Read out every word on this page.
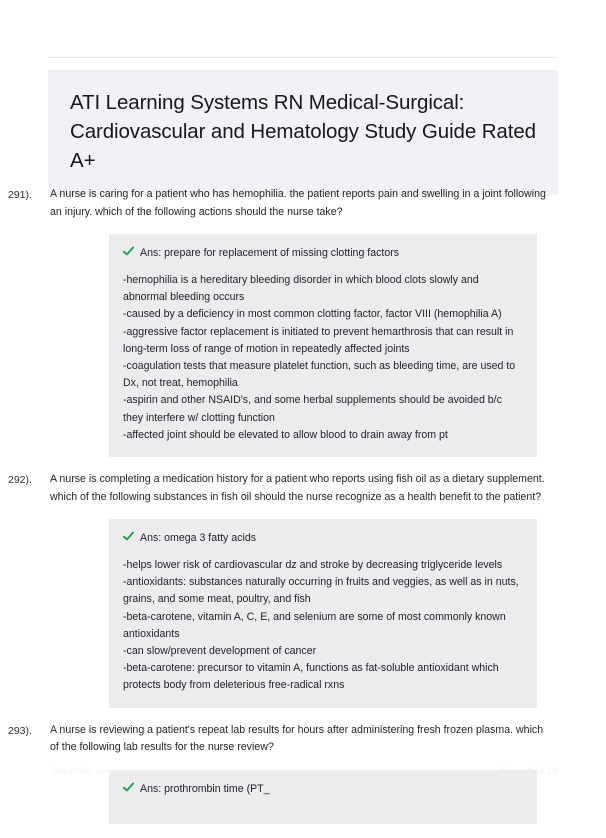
ATI Learning Systems RN Medical-Surgical: Cardiovascular and Hematology Study Guide Rated A+
291).	A nurse is caring for a patient who has hemophilia. the patient reports pain and swelling in a joint following an injury. which of the following actions should the nurse take?
Ans: prepare for replacement of missing clotting factors

-hemophilia is a hereditary bleeding disorder in which blood clots slowly and abnormal bleeding occurs

-caused by a deficiency in most common clotting factor, factor VIII (hemophilia A)

-aggressive factor replacement is initiated to prevent hemarthrosis that can result in long-term loss of range of motion in repeatedly affected joints

-coagulation tests that measure platelet function, such as bleeding time, are used to Dx, not treat, hemophilia

-aspirin and other NSAID's, and some herbal supplements should be avoided b/c they interfere w/ clotting function

-affected joint should be elevated to allow blood to drain away from pt

292).	A nurse is completing a medication history for a patient who reports using fish oil as a dietary supplement. which of the following substances in fish oil should the nurse recognize as a health benefit to the patient?
Ans: omega 3 fatty acids

-helps lower risk of cardiovascular dz and stroke by decreasing triglyceride levels

-antioxidants: substances naturally occurring in fruits and veggies, as well as in nuts, grains, and some meat, poultry, and fish

-beta-carotene, vitamin A, C, E, and selenium are some of most commonly known antioxidants

-can slow/prevent development of cancer

-beta-carotene: precursor to vitamin A, functions as fat-soluble antioxidant which protects body from deleterious free-radical rxns

293).	A nurse is reviewing a patient's repeat lab results for hours after administering fresh frozen plasma. which of the following lab results for the nurse review?
Ans: prothrombin time (PT_
PaperStic.com	Page 1 of 10
